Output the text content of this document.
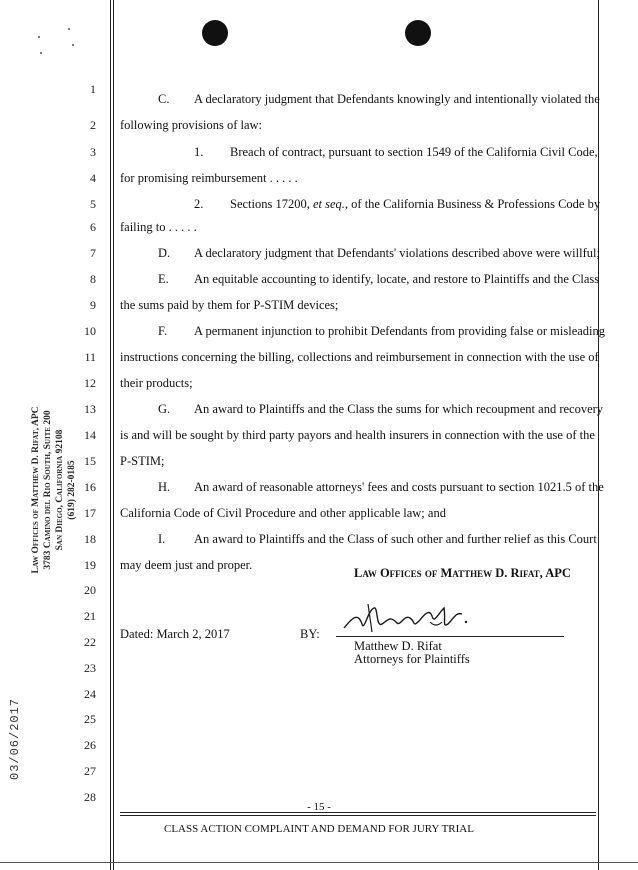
Law Offices of Matthew D. Rifat, APC 3783 Camino del Rio South, Suite 200 San Diego, California 92108 (619) 282-0185
03/06/2017
1
2
3
4
5
6
7
8
9
10
11
12
13
14
15
16
17
18
19
20
21
22
23
24
25
26
27
28
C. A declaratory judgment that Defendants knowingly and intentionally violated the
following provisions of law:
1. Breach of contract, pursuant to section 1549 of the California Civil Code,
for promising reimbursement . . . . .
2. Sections 17200, et seq., of the California Business & Professions Code by
failing to . . . . .
D. A declaratory judgment that Defendants' violations described above were willful;
E. An equitable accounting to identify, locate, and restore to Plaintiffs and the Class
the sums paid by them for P-STIM devices;
F. A permanent injunction to prohibit Defendants from providing false or misleading
instructions concerning the billing, collections and reimbursement in connection with the use of
their products;
G. An award to Plaintiffs and the Class the sums for which recoupment and recovery
is and will be sought by third party payors and health insurers in connection with the use of the
P-STIM;
H. An award of reasonable attorneys' fees and costs pursuant to section 1021.5 of the
California Code of Civil Procedure and other applicable law; and
I. An award to Plaintiffs and the Class of such other and further relief as this Court
may deem just and proper.
Law Offices of Matthew D. Rifat, APC
Dated: March 2, 2017	BY:
Matthew D. Rifat
Attorneys for Plaintiffs
- 15 -
CLASS ACTION COMPLAINT AND DEMAND FOR JURY TRIAL
